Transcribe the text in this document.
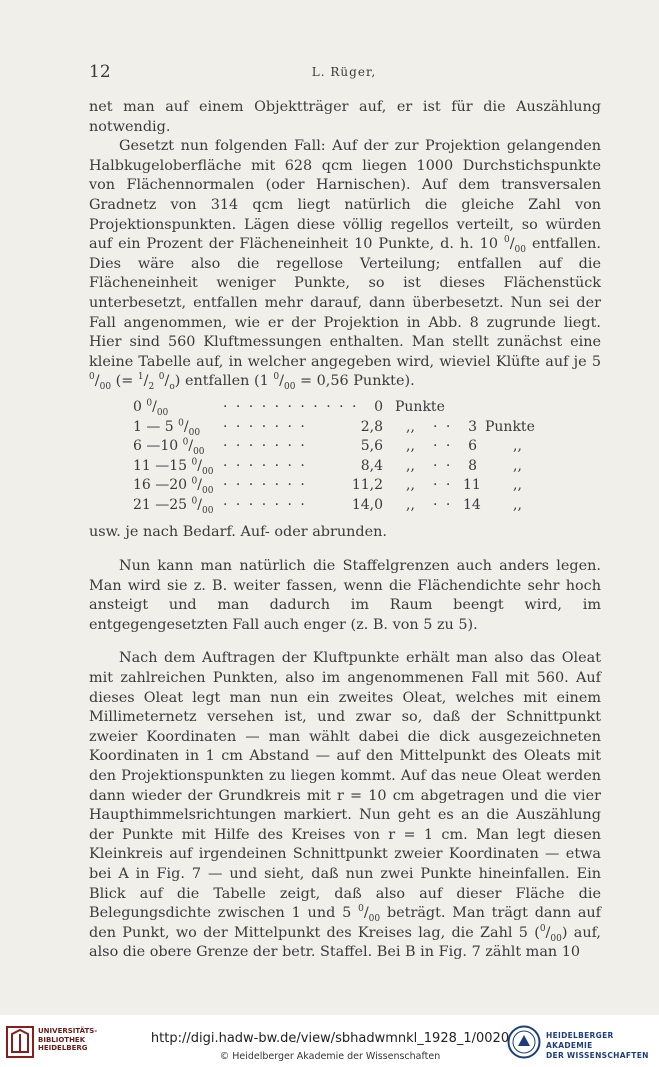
12	L. Rüger,

net man auf einem Objektträger auf, er ist für die Auszählung notwendig.

Gesetzt nun folgenden Fall: Auf der zur Projektion gelangenden Halbkugeloberfläche mit 628 qcm liegen 1000 Durchstichspunkte von Flächennormalen (oder Harnischen). Auf dem transversalen Gradnetz von 314 qcm liegt natürlich die gleiche Zahl von Projektionspunkten. Lägen diese völlig regellos verteilt, so würden auf ein Prozent der Flächeneinheit 10 Punkte, d. h. 10 $^0/_{00}$ entfallen. Dies wäre also die regellose Verteilung; entfallen auf die Flächeneinheit weniger Punkte, so ist dieses Flächenstück unterbesetzt, entfallen mehr darauf, dann überbesetzt. Nun sei der Fall angenommen, wie er der Projektion in Abb. 8 zugrunde liegt. Hier sind 560 Kluftmessungen enthalten. Man stellt zunächst eine kleine Tabelle auf, in welcher angegeben wird, wieviel Klüfte auf je 5 $^0/_{00}$ (= $^1/_2$ $^0/_o$) entfallen (1 $^0/_{00} = 0,56$ Punkte).

0 $^0/_{00}$	· · · · · · · · · · ·	0 Punkte
1 — 5 $^0/_{00}$ · · · · · · ·	2,8 ,, · ·	3 Punkte
6 —10 $^0/_{00}$ · · · · · · ·	5,6 ,, · ·	6	,,
11 —15 $^0/_{00}$ · · · · · · ·	8,4 ,, · ·	8	,,
16 —20 $^0/_{00}$ · · · · · · ·	11,2 ,, · · 11 ,,
21 —25 $^0/_{00}$ · · · · · · ·	14,0 ,, · · 14 ,,

usw. je nach Bedarf. Auf- oder abrunden.

Nun kann man natürlich die Staffelgrenzen auch anders legen. Man wird sie z. B. weiter fassen, wenn die Flächendichte sehr hoch ansteigt und man dadurch im Raum beengt wird, im entgegengesetzten Fall auch enger (z. B. von 5 zu 5).

Nach dem Auftragen der Kluftpunkte erhält man also das Oleat mit zahlreichen Punkten, also im angenommenen Fall mit 560. Auf dieses Oleat legt man nun ein zweites Oleat, welches mit einem Millimeternetz versehen ist, und zwar so, daß der Schnittpunkt zweier Koordinaten — man wählt dabei die dick ausgezeichneten Koordinaten in 1 cm Abstand — auf den Mittelpunkt des Oleats mit den Projektionspunkten zu liegen kommt. Auf das neue Oleat werden dann wieder der Grundkreis mit r = 10 cm abgetragen und die vier Haupthimmelsrichtungen markiert. Nun geht es an die Auszählung der Punkte mit Hilfe des Kreises von r = 1 cm. Man legt diesen Kleinkreis auf irgendeinen Schnittpunkt zweier Koordinaten — etwa bei A in Fig. 7 — und sieht, daß nun zwei Punkte hineinfallen. Ein Blick auf die Tabelle zeigt, daß also auf dieser Fläche die Belegungsdichte zwischen 1 und 5 $^0/_{00}$ beträgt. Man trägt dann auf den Punkt, wo der Mittelpunkt des Kreises lag, die Zahl 5 $(^0/_{00})$ auf, also die obere Grenze der betr. Staffel. Bei B in Fig. 7 zählt man 10

UNIVERSITÄTS-
BIBLIOTHEK
HEIDELBERG
http://digi.hadw-bw.de/view/sbhadwmnkl_1928_1/0020
© Heidelberger Akademie der Wissenschaften
HEIDELBERGER AKADEMIE
DER WISSENSCHAFTEN
